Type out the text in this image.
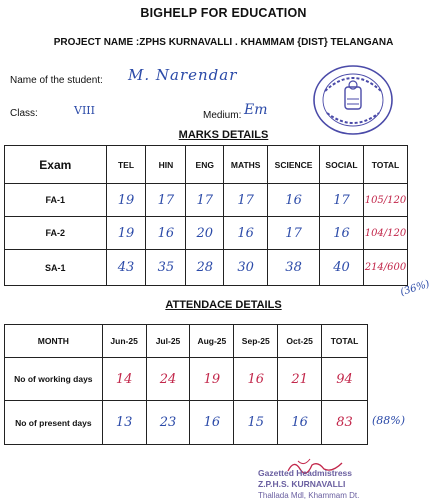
BIGHELP FOR EDUCATION
PROJECT NAME :ZPHS KURNAVALLI . KHAMMAM {DIST} TELANGANA
Name of the student: M. Narendar
Class:	VIII	Medium: Em
MARKS DETAILS
Exam	TEL	HIN	ENG	MATHS	SCIENCE	SOCIAL	TOTAL
FA-1	19	17	17	17	16	17	105/120
FA-2	19	16	20	16	17	16	104/120
SA-1	43	35	28	30	38	40	214/600
(36%)
ATTENDACE DETAILS
MONTH	Jun-25	Jul-25	Aug-25	Sep-25	Oct-25	TOTAL
No of working days	14	24	19	16	21	94
No of present days	13	23	16	15	16	83 (88%)
Gazetted Headmistress
Z.P.H.S. KURNAVALLI
Thallada Mdl, Khammam Dt.
